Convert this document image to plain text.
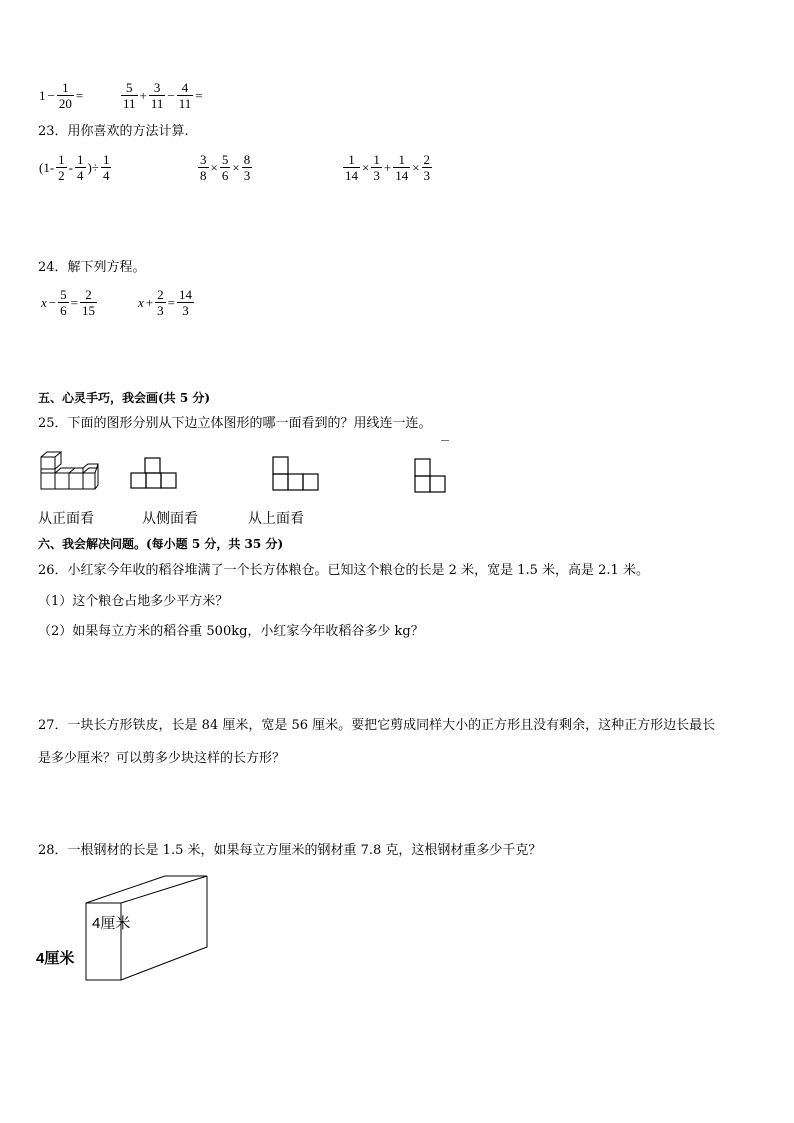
$1 - \frac{1}{20}$ =	$\frac{5}{11} + \frac{3}{11} - \frac{4}{11}$ =
23．用你喜欢的方法计算.
($1- \frac{1}{2} - \frac{1}{4}$ )÷ $\frac{1}{4}$	$\frac{3}{8} \times \frac{5}{6} \times \frac{8}{3}$	$\frac{1}{14} \times \frac{1}{3} + \frac{1}{14} \times \frac{2}{3}$
24．解下列方程。
$x - \frac{5}{6} = \frac{2}{15}$	$x + \frac{2}{3} = \frac{14}{3}$
五、心灵手巧，我会画(共 5 分)
25．下面的图形分别从下边立体图形的哪一面看到的？用线连一连。
从正面看	从侧面看	从上面看
六、我会解决问题。(每小题 5 分，共 35 分)
26．小红家今年收的稻谷堆满了一个长方体粮仓。已知这个粮仓的长是 2 米，宽是 1.5 米，高是 2.1 米。
（1）这个粮仓占地多少平方米？
（2）如果每立方米的稻谷重 500kg，小红家今年收稻谷多少 kg？
27．一块长方形铁皮，长是 84 厘米，宽是 56 厘米。要把它剪成同样大小的正方形且没有剩余，这种正方形边长最长
是多少厘米？可以剪多少块这样的长方形？
28．一根钢材的长是 1.5 米，如果每立方厘米的钢材重 7.8 克，这根钢材重多少千克？
4厘米
4厘米
